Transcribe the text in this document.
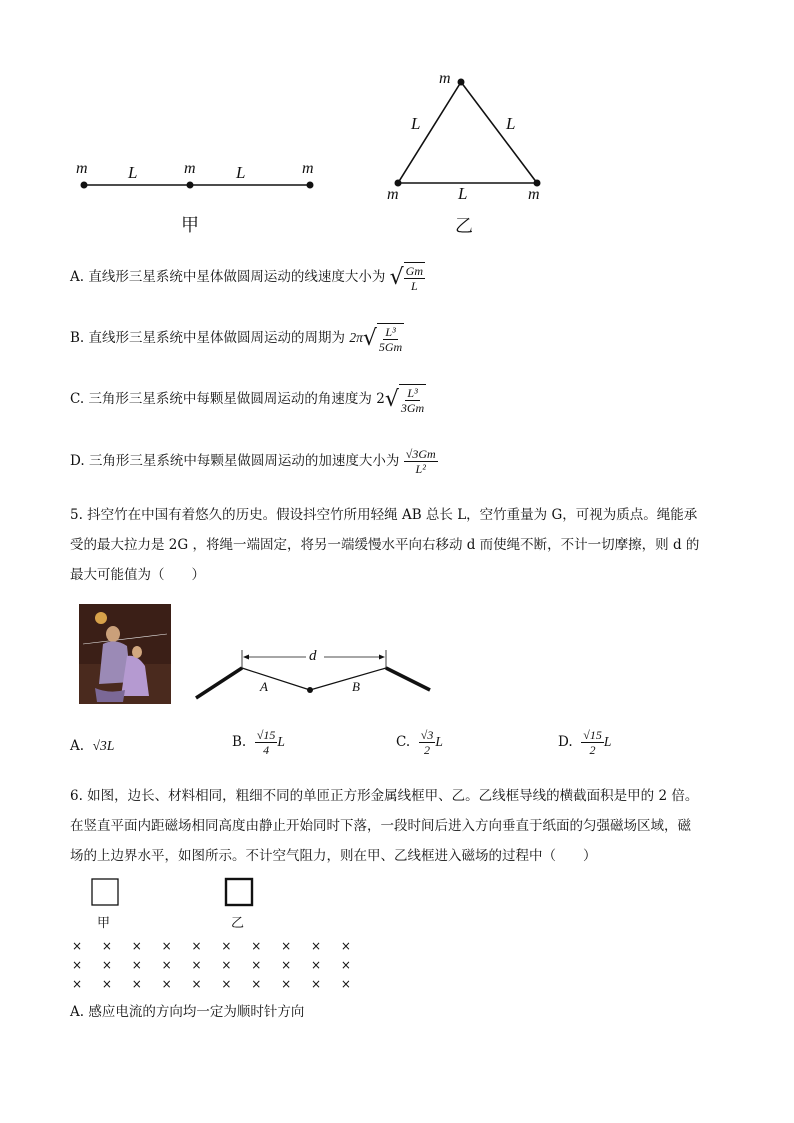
m	m	m
L	L
甲
m
m	m
L	L
L
乙
A. 直线形三星系统中星体做圆周运动的线速度大小为 √ $\frac{Gm}{L}$
B. 直线形三星系统中星体做圆周运动的周期为 2π √ $\frac{\text{L³}}{5Gm}$
C. 三角形三星系统中每颗星做圆周运动的角速度为 2 √ $\frac{\text{L³}}{3Gm}$
D. 三角形三星系统中每颗星做圆周运动的加速度大小为 $\frac{√3Gm}{\text{L²}}$
5. 抖空竹在中国有着悠久的历史。假设抖空竹所用轻绳 AB 总长 L，空竹重量为 G，可视为质点。绳能承
受的最大拉力是 2G ，将绳一端固定，将另一端缓慢水平向右移动 d 而使绳不断，不计一切摩擦，则 d 的
最大可能值为（　　）
d
A	B
A. √3L	B. $\frac{√15}{4}$ L	C. $\frac{√3}{2}$ L	D. $\frac{√15}{2}$ L
6. 如图，边长、材料相同，粗细不同的单匝正方形金属线框甲、乙。乙线框导线的横截面积是甲的 2 倍。
在竖直平面内距磁场相同高度由静止开始同时下落，一段时间后进入方向垂直于纸面的匀强磁场区域，磁
场的上边界水平，如图所示。不计空气阻力，则在甲、乙线框进入磁场的过程中（　　）
甲	乙
× × × × × × × × × ×
× × × × × × × × × ×
× × × × × × × × × ×
A. 感应电流的方向均一定为顺时针方向
